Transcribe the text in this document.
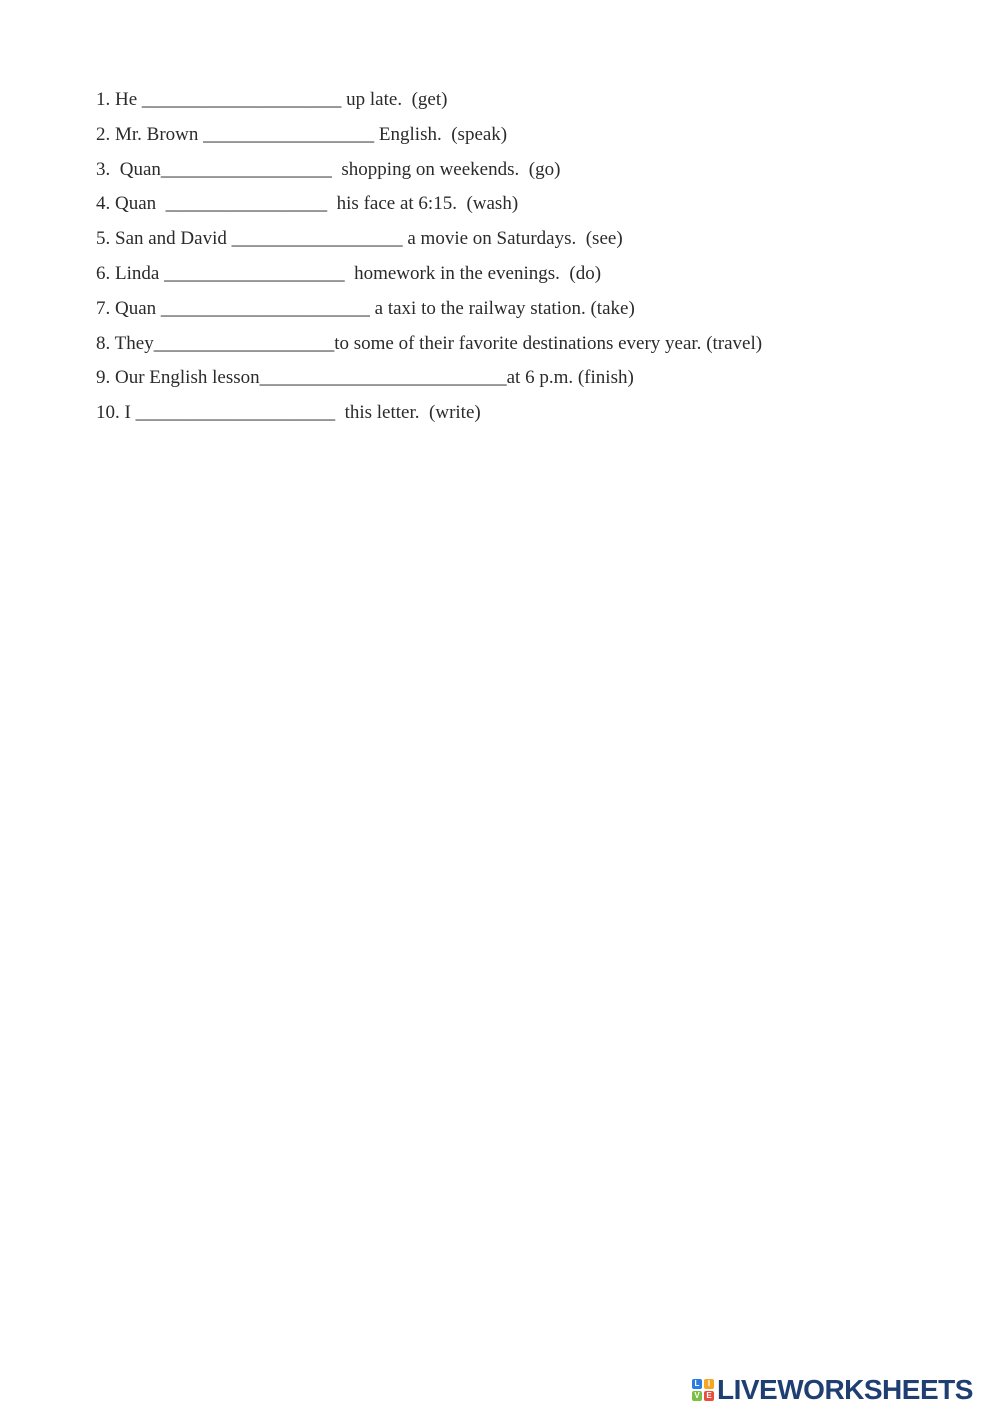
1. He _____________________ up late. (get)
2. Mr. Brown __________________ English. (speak)
3. Quan__________________ shopping on weekends. (go)
4. Quan _________________ his face at 6:15. (wash)
5. San and David __________________ a movie on Saturdays. (see)
6. Linda ___________________ homework in the evenings. (do)
7. Quan ______________________ a taxi to the railway station. (take)
8. They___________________to some of their favorite destinations every year. (travel)
9. Our English lesson__________________________at 6 p.m. (finish)
10. I _____________________ this letter. (write)
L	I
V E LIVEWORKSHEETS
